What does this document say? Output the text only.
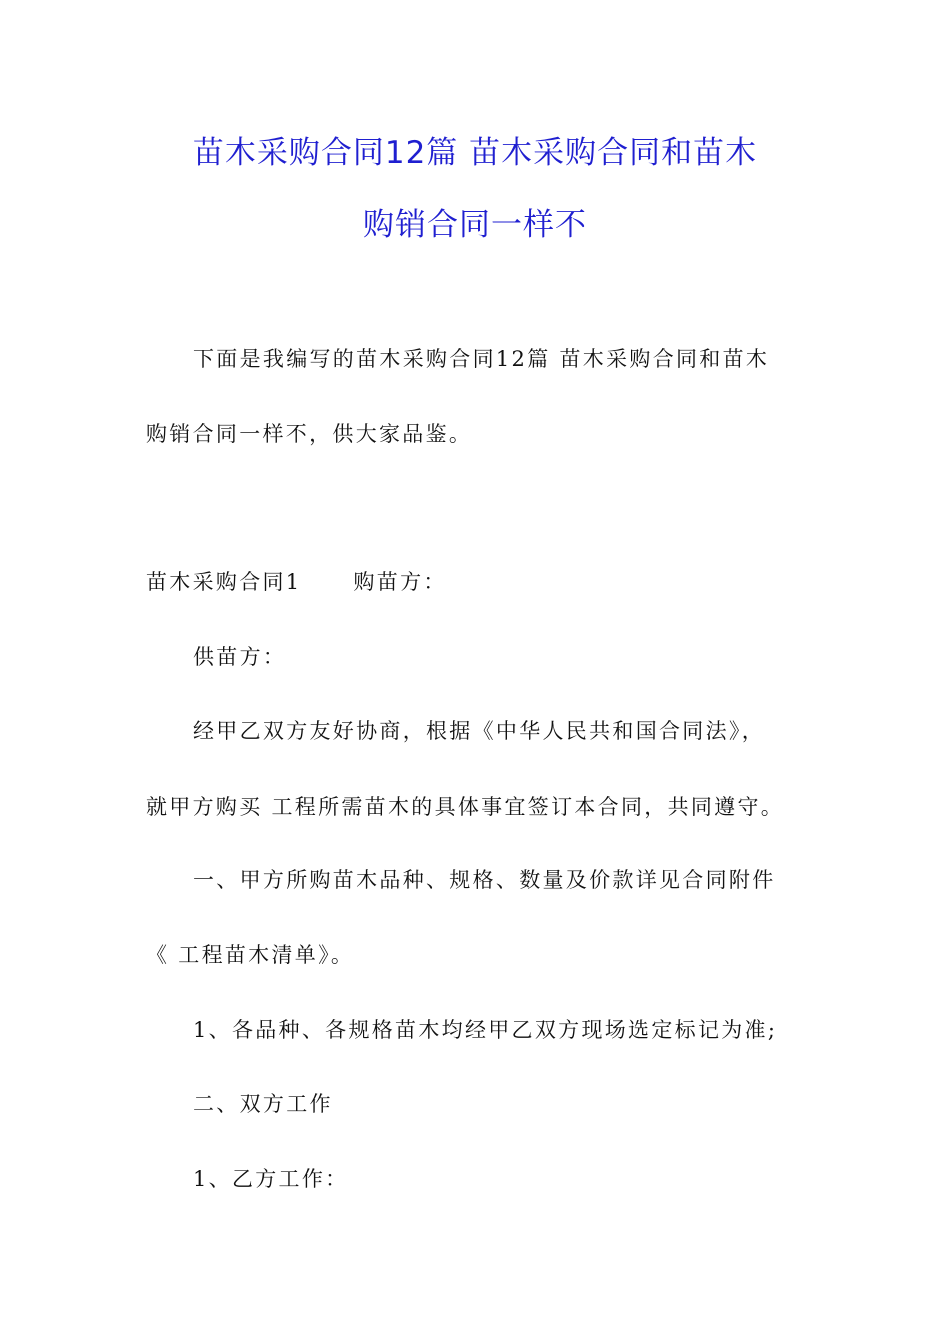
苗木采购合同12篇 苗木采购合同和苗木
购销合同一样不
下面是我编写的苗木采购合同12篇 苗木采购合同和苗木
购销合同一样不，供大家品鉴。
苗木采购合同1 购苗方：
供苗方：
经甲乙双方友好协商，根据《中华人民共和国合同法》，
就甲方购买 工程所需苗木的具体事宜签订本合同，共同遵守。
一、甲方所购苗木品种、规格、数量及价款详见合同附件
《 工程苗木清单》。
1、各品种、各规格苗木均经甲乙双方现场选定标记为准;
二、双方工作
1、乙方工作：
